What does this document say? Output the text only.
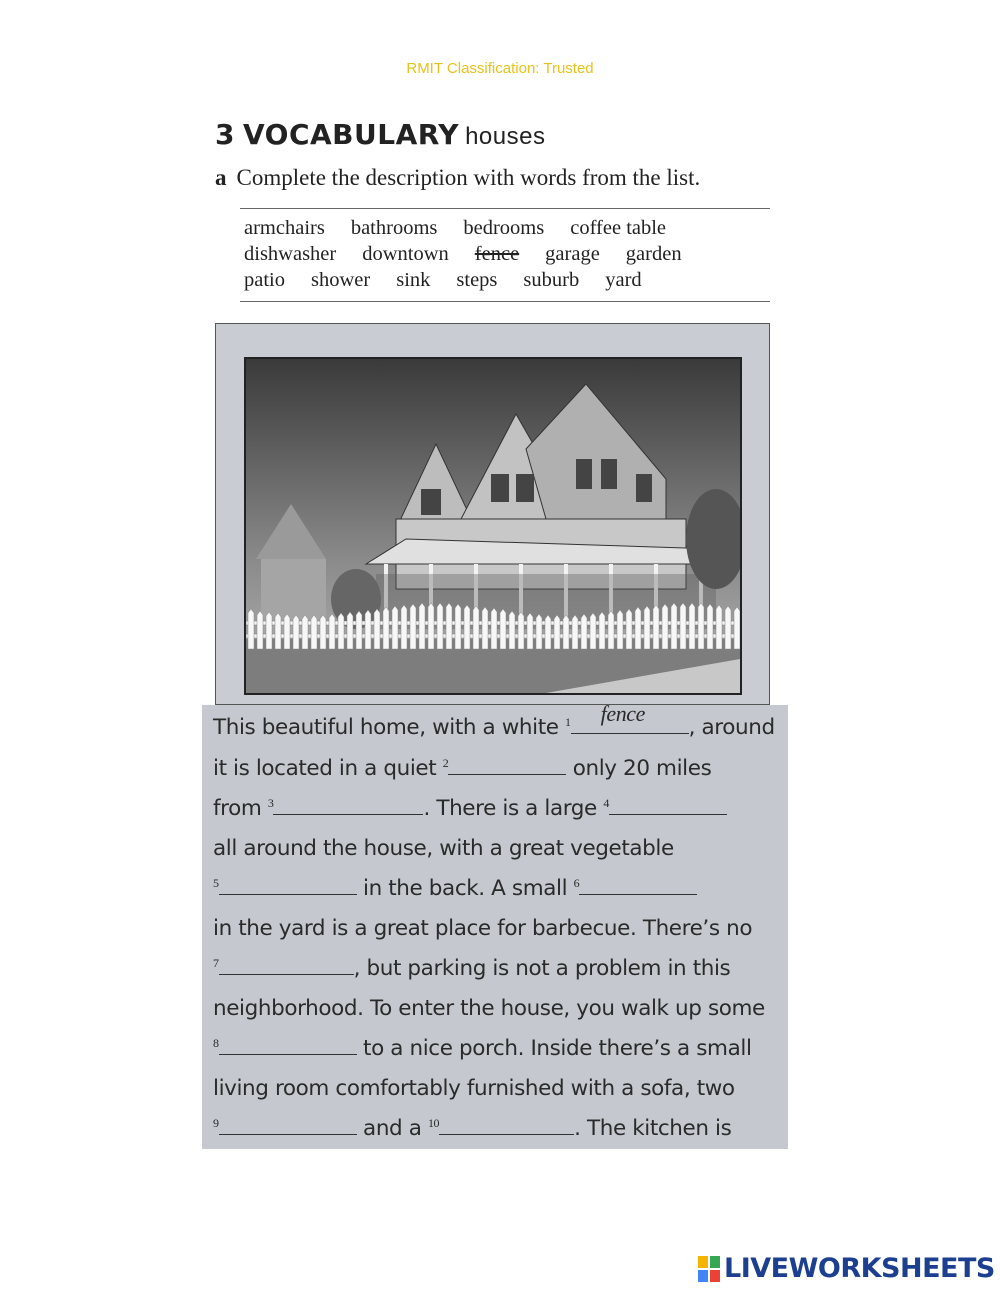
RMIT Classification: Trusted
3 VOCABULARY houses
a Complete the description with words from the list.
armchairs bathrooms bedrooms coffee table
dishwasher downtown fence garage garden
patio shower sink steps suburb yard
This beautiful home, with a white $^1$ fence
, around
it is located in a quiet $^2$	only 20 miles
from $^3$	. There is a large $^4$
all around the house, with a great vegetable
$^5$	in the back. A small $^6$
in the yard is a great place for barbecue. There’s no
$^7$	, but parking is not a problem in this
neighborhood. To enter the house, you walk up some
$^8$	to a nice porch. Inside there’s a small
living room comfortably furnished with a sofa, two
$^9$	and a $^{10}$	. The kitchen is
LIVEWORKSHEETS
